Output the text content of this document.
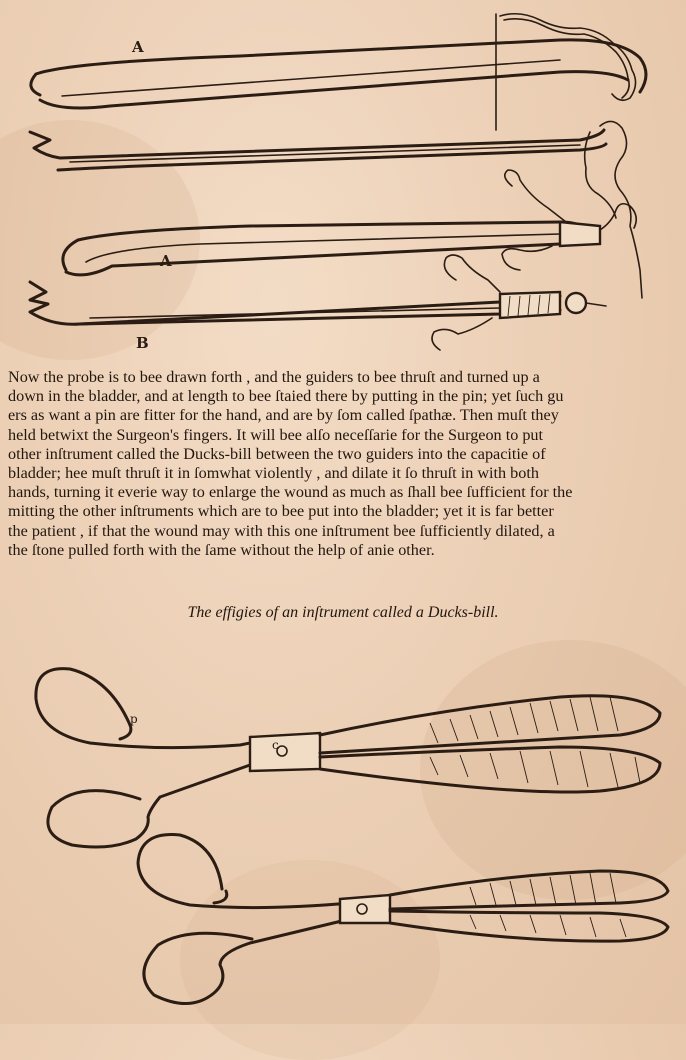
A
A
B
Now the probe is to bee drawn forth , and the guiders to bee thruſt and turned up a
down in the bladder, and at length to bee ſtaied there by putting in the pin; yet ſuch gu
ers as want a pin are fitter for the hand, and are by ſom called ſpathæ. Then muſt they
held betwixt the Surgeon's fingers. It will bee alſo neceſſarie for the Surgeon to put
other inſtrument called the Ducks-bill between the two guiders into the capacitie of
bladder; hee muſt thruſt it in ſomwhat violently , and dilate it ſo thruſt in with both
hands, turning it everie way to enlarge the wound as much as ſhall bee ſufficient for the
mitting the other inſtruments which are to bee put into the bladder; yet it is far better
the patient , if that the wound may with this one inſtrument bee ſufficiently dilated, a
the ſtone pulled forth with the ſame without the help of anie other.
The effigies of an inſtrument called a Ducks-bill.
p
c
